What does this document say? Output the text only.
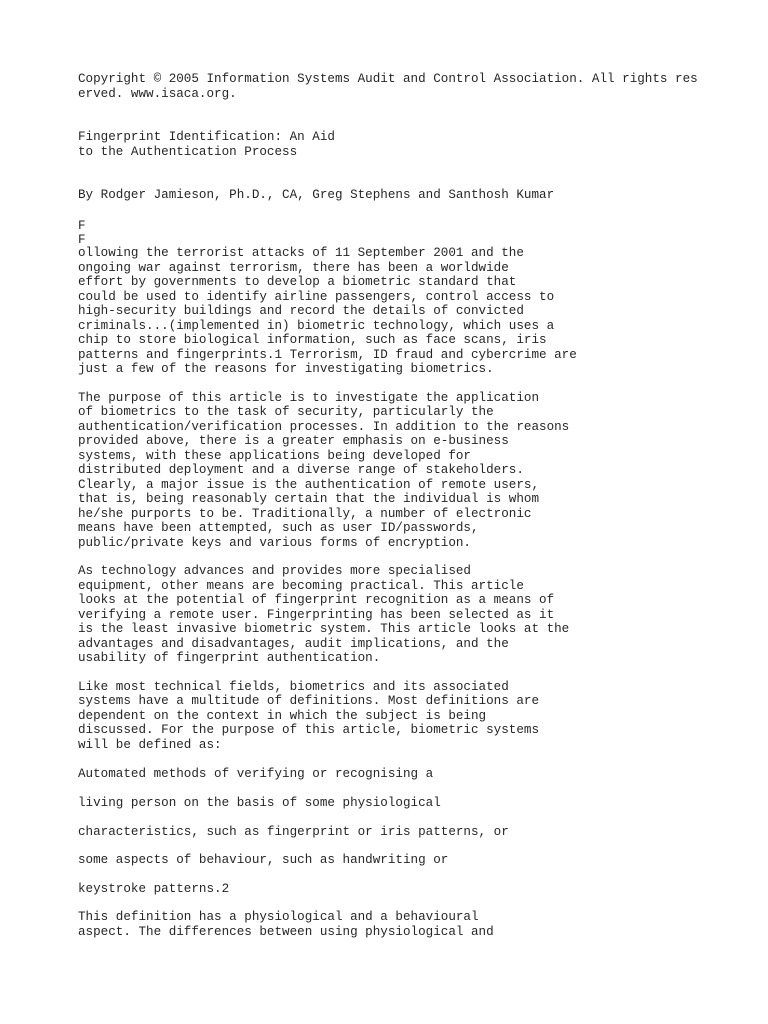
Copyright © 2005 Information Systems Audit and Control Association. All rights res

erved. www.isaca.org.

Fingerprint Identification: An Aid

to the Authentication Process

By Rodger Jamieson, Ph.D., CA, Greg Stephens and Santhosh Kumar

F

F

ollowing the terrorist attacks of 11 September 2001 and the

ongoing war against terrorism, there has been a worldwide

effort by governments to develop a biometric standard that

could be used to identify airline passengers, control access to

high-security buildings and record the details of convicted

criminals...(implemented in) biometric technology, which uses a

chip to store biological information, such as face scans, iris

patterns and fingerprints.1 Terrorism, ID fraud and cybercrime are

just a few of the reasons for investigating biometrics.

The purpose of this article is to investigate the application

of biometrics to the task of security, particularly the

authentication/verification processes. In addition to the reasons

provided above, there is a greater emphasis on e-business

systems, with these applications being developed for

distributed deployment and a diverse range of stakeholders.

Clearly, a major issue is the authentication of remote users,

that is, being reasonably certain that the individual is whom

he/she purports to be. Traditionally, a number of electronic

means have been attempted, such as user ID/passwords,

public/private keys and various forms of encryption.

As technology advances and provides more specialised

equipment, other means are becoming practical. This article

looks at the potential of fingerprint recognition as a means of

verifying a remote user. Fingerprinting has been selected as it

is the least invasive biometric system. This article looks at the

advantages and disadvantages, audit implications, and the

usability of fingerprint authentication.

Like most technical fields, biometrics and its associated

systems have a multitude of definitions. Most definitions are

dependent on the context in which the subject is being

discussed. For the purpose of this article, biometric systems

will be defined as:

Automated methods of verifying or recognising a

living person on the basis of some physiological

characteristics, such as fingerprint or iris patterns, or

some aspects of behaviour, such as handwriting or

keystroke patterns.2

This definition has a physiological and a behavioural

aspect. The differences between using physiological and
